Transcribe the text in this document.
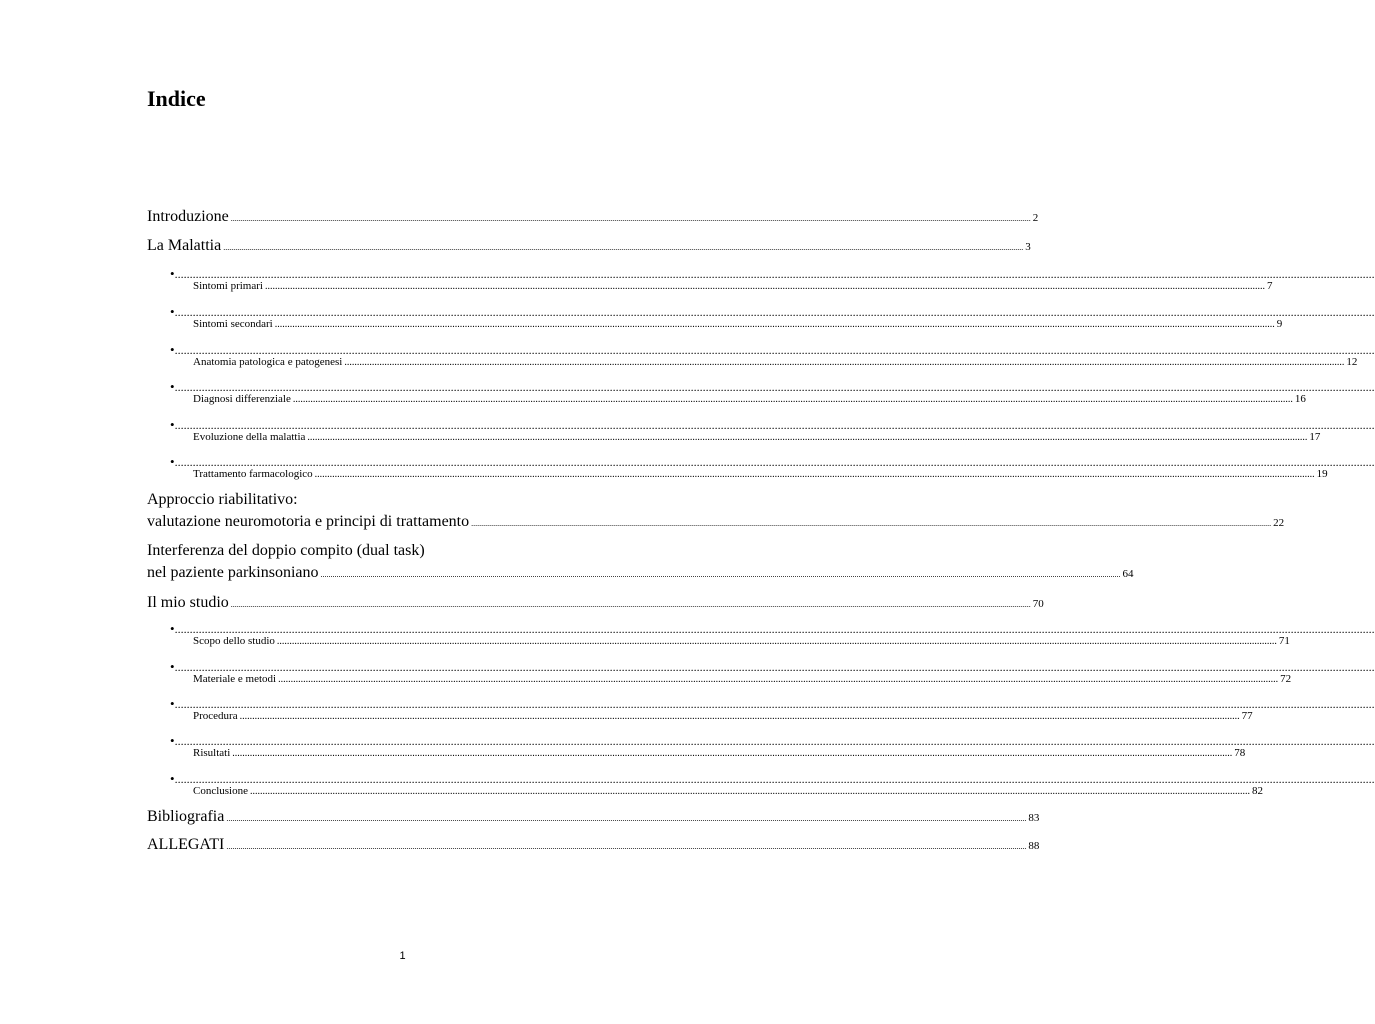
Indice
Introduzione ................................................................................................................................................................................................................................................................................................................................................................................................................ 2
La Malattia ................................................................................................................................................................................................................................................................................................................................................................................................................ 3
•................................................................................................................................................................................................................................................................................................................................................................................................................
Sintomi primari ................................................................................................................................................................................................................................................................................................................................................................................................................ 7
•................................................................................................................................................................................................................................................................................................................................................................................................................
Sintomi secondari ................................................................................................................................................................................................................................................................................................................................................................................................................ 9
•................................................................................................................................................................................................................................................................................................................................................................................................................
Anatomia patologica e patogenesi ................................................................................................................................................................................................................................................................................................................................................................................................................ 12
•................................................................................................................................................................................................................................................................................................................................................................................................................
Diagnosi differenziale ................................................................................................................................................................................................................................................................................................................................................................................................................ 16
•................................................................................................................................................................................................................................................................................................................................................................................................................
Evoluzione della malattia ................................................................................................................................................................................................................................................................................................................................................................................................................ 17
•................................................................................................................................................................................................................................................................................................................................................................................................................
Trattamento farmacologico ................................................................................................................................................................................................................................................................................................................................................................................................................ 19
Approccio riabilitativo:
valutazione neuromotoria e principi di trattamento ................................................................................................................................................................................................................................................................................................................................................................................................................ 22
Interferenza del doppio compito (dual task)
nel paziente parkinsoniano ................................................................................................................................................................................................................................................................................................................................................................................................................ 64
Il mio studio ................................................................................................................................................................................................................................................................................................................................................................................................................ 70
•................................................................................................................................................................................................................................................................................................................................................................................................................
Scopo dello studio ................................................................................................................................................................................................................................................................................................................................................................................................................ 71
•................................................................................................................................................................................................................................................................................................................................................................................................................
Materiale e metodi ................................................................................................................................................................................................................................................................................................................................................................................................................ 72
•................................................................................................................................................................................................................................................................................................................................................................................................................
Procedura ................................................................................................................................................................................................................................................................................................................................................................................................................ 77
•................................................................................................................................................................................................................................................................................................................................................................................................................
Risultati ................................................................................................................................................................................................................................................................................................................................................................................................................ 78
•................................................................................................................................................................................................................................................................................................................................................................................................................
Conclusione ................................................................................................................................................................................................................................................................................................................................................................................................................ 82
Bibliografia ................................................................................................................................................................................................................................................................................................................................................................................................................ 83
ALLEGATI ................................................................................................................................................................................................................................................................................................................................................................................................................ 88
1
